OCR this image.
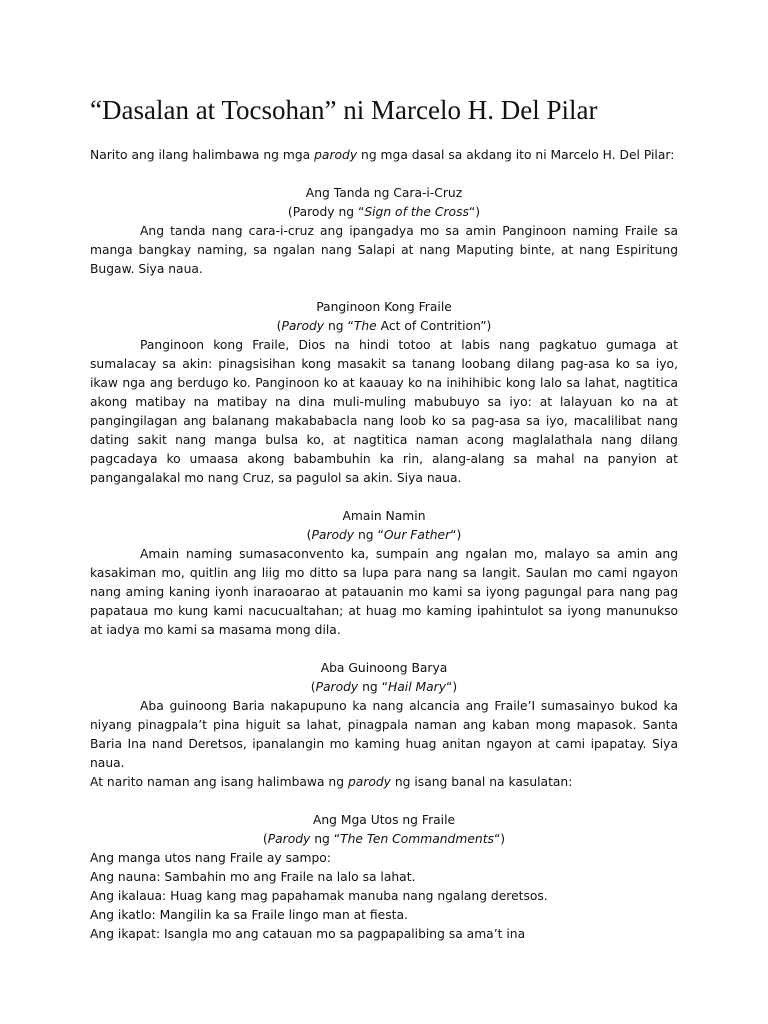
“Dasalan at Tocsohan” ni Marcelo H. Del Pilar

Narito ang ilang halimbawa ng mga parody ng mga dasal sa akdang ito ni Marcelo H. Del Pilar:

Ang Tanda ng Cara-i-Cruz
(Parody ng “Sign of the Cross“)

Ang tanda nang cara-i-cruz ang ipangadya mo sa amin Panginoon naming Fraile sa manga bangkay naming, sa ngalan nang Salapi at nang Maputing binte, at nang Espiritung Bugaw. Siya naua.

Panginoon Kong Fraile
(Parody ng “The Act of Contrition”)

Panginoon kong Fraile, Dios na hindi totoo at labis nang pagkatuo gumaga at sumalacay sa akin: pinagsisihan kong masakit sa tanang loobang dilang pag-asa ko sa iyo, ikaw nga ang berdugo ko. Panginoon ko at kaauay ko na inihihibic kong lalo sa lahat, nagtitica akong matibay na matibay na dina muli-muling mabubuyo sa iyo: at lalayuan ko na at pangingilagan ang balanang makababacla nang loob ko sa pag-asa sa iyo, macalilibat nang dating sakit nang manga bulsa ko, at nagtitica naman acong maglalathala nang dilang pagcadaya ko umaasa akong babambuhin ka rin, alang-alang sa mahal na panyion at pangangalakal mo nang Cruz, sa pagulol sa akin. Siya naua.

Amain Namin
(Parody ng “Our Father“)

Amain naming sumasaconvento ka, sumpain ang ngalan mo, malayo sa amin ang kasakiman mo, quitlin ang liig mo ditto sa lupa para nang sa langit. Saulan mo cami ngayon nang aming kaning iyonh inaraoarao at patauanin mo kami sa iyong pagungal para nang pag papataua mo kung kami nacucualtahan; at huag mo kaming ipahintulot sa iyong manunukso at iadya mo kami sa masama mong dila.

Aba Guinoong Barya
(Parody ng “Hail Mary“)

Aba guinoong Baria nakapupuno ka nang alcancia ang Fraile’I sumasainyo bukod ka niyang pinagpala’t pina higuit sa lahat, pinagpala naman ang kaban mong mapasok. Santa Baria Ina nand Deretsos, ipanalangin mo kaming huag anitan ngayon at cami ipapatay. Siya naua.

At narito naman ang isang halimbawa ng parody ng isang banal na kasulatan:

Ang Mga Utos ng Fraile
(Parody ng “The Ten Commandments“)

Ang manga utos nang Fraile ay sampo:

Ang nauna: Sambahin mo ang Fraile na lalo sa lahat.

Ang ikalaua: Huag kang mag papahamak manuba nang ngalang deretsos.

Ang ikatlo: Mangilin ka sa Fraile lingo man at fiesta.

Ang ikapat: Isangla mo ang catauan mo sa pagpapalibing sa ama’t ina
